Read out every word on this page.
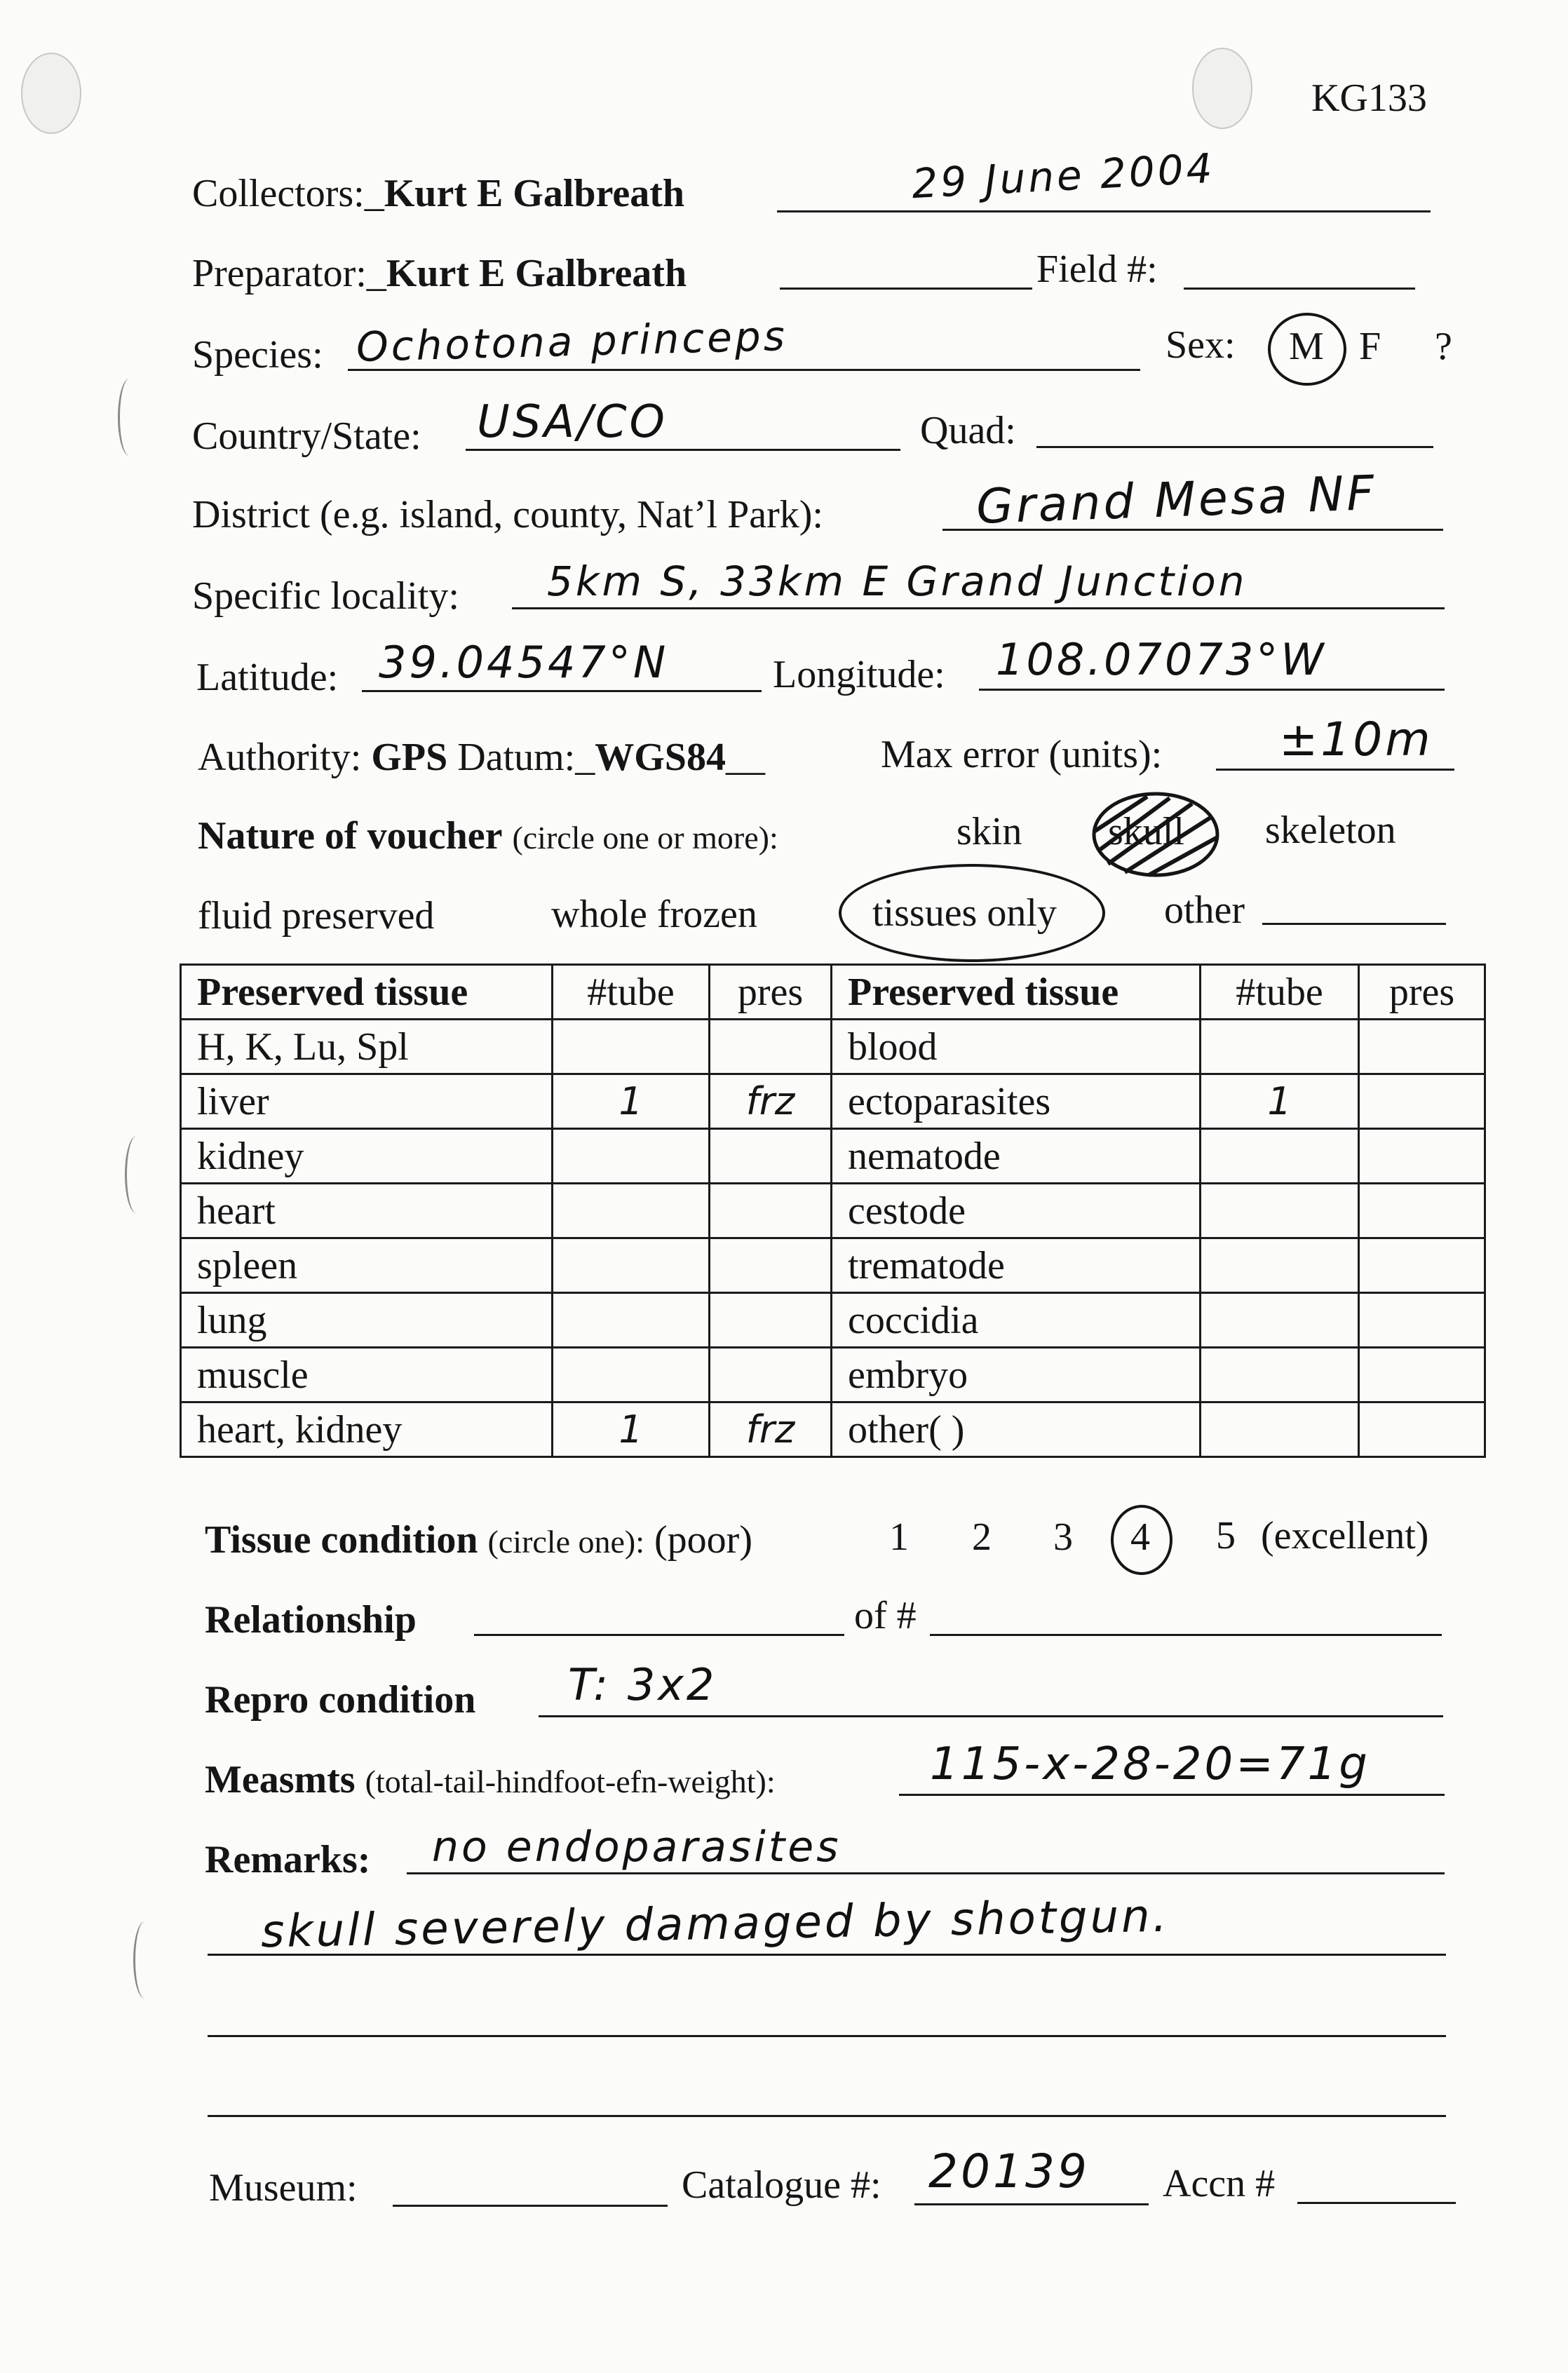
KG133
Collectors:_Kurt E Galbreath	29 June 2004
Preparator:_Kurt E Galbreath	Field #:
Species: Ochotona princeps	Sex: M F ?
Country/State: USA/CO	Quad:
District (e.g. island, county, Nat’l Park):	Grand Mesa NF
Specific locality: 5km S, 33km E Grand Junction
Latitude: 39.04547°N	Longitude: 108.07073°W
Authority: GPS Datum:_WGS84__	Max error (units):	±10m
Nature of voucher (circle one or more):	skin skull skeleton
fluid preserved	whole frozen	tissues only	other
Preserved tissue	#tube	pres	Preserved tissue	#tube	pres
H, K, Lu, Spl			blood		
liver	1	frz	ectoparasites	1	
kidney			nematode		
heart			cestode		
spleen			trematode		
lung			coccidia		
muscle			embryo		
heart, kidney	1	frz	other( )		
Tissue condition (circle one): (poor)	1 2 3 4 5 (excellent)
Relationship	of #
Repro condition T: 3x2
Measmts (total-tail-hindfoot-efn-weight):	115-x-28-20=71g
Remarks: no endoparasites
skull severely damaged by shotgun.
Museum:	Catalogue #: 20139 Accn #
